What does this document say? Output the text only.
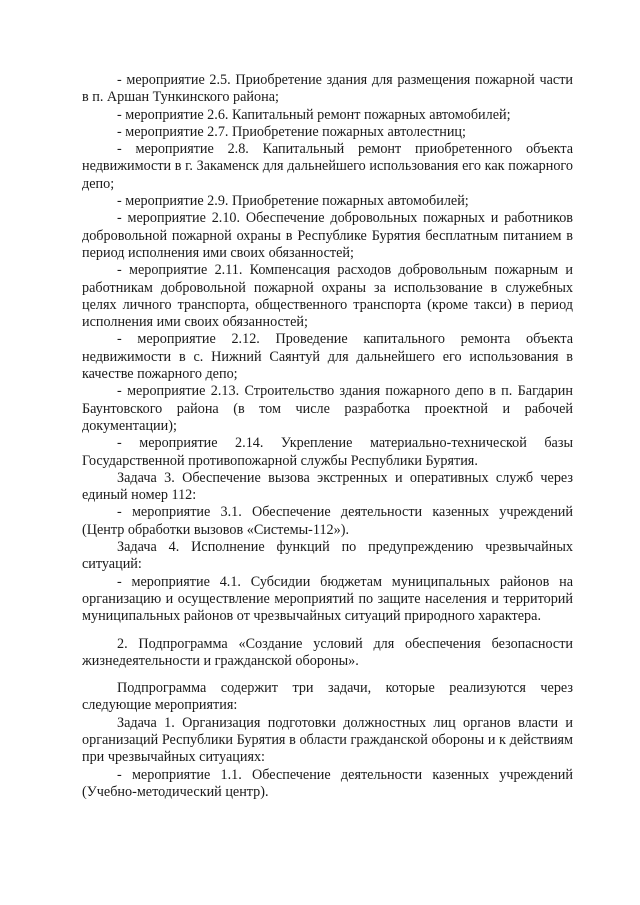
- мероприятие 2.5. Приобретение здания для размещения пожарной части в п. Аршан Тункинского района;

- мероприятие 2.6. Капитальный ремонт пожарных автомобилей;

- мероприятие 2.7. Приобретение пожарных автолестниц;

- мероприятие 2.8. Капитальный ремонт приобретенного объекта недвижимости в г. Закаменск для дальнейшего использования его как пожарного депо;

- мероприятие 2.9. Приобретение пожарных автомобилей;

- мероприятие 2.10. Обеспечение добровольных пожарных и работников добровольной пожарной охраны в Республике Бурятия бесплатным питанием в период исполнения ими своих обязанностей;

- мероприятие 2.11. Компенсация расходов добровольным пожарным и работникам добровольной пожарной охраны за использование в служебных целях личного транспорта, общественного транспорта (кроме такси) в период исполнения ими своих обязанностей;

- мероприятие 2.12. Проведение капитального ремонта объекта недвижимости в с. Нижний Саянтуй для дальнейшего его использования в качестве пожарного депо;

- мероприятие 2.13. Строительство здания пожарного депо в п. Багдарин Баунтовского района (в том числе разработка проектной и рабочей документации);

- мероприятие 2.14. Укрепление материально-технической базы Государственной противопожарной службы Республики Бурятия.

Задача 3. Обеспечение вызова экстренных и оперативных служб через единый номер 112:

- мероприятие 3.1. Обеспечение деятельности казенных учреждений (Центр обработки вызовов «Системы-112»).

Задача 4. Исполнение функций по предупреждению чрезвычайных ситуаций:

- мероприятие 4.1. Субсидии бюджетам муниципальных районов на организацию и осуществление мероприятий по защите населения и территорий муниципальных районов от чрезвычайных ситуаций природного характера.

2. Подпрограмма «Создание условий для обеспечения безопасности жизнедеятельности и гражданской обороны».

Подпрограмма содержит три задачи, которые реализуются через следующие мероприятия:

Задача 1. Организация подготовки должностных лиц органов власти и организаций Республики Бурятия в области гражданской обороны и к действиям при чрезвычайных ситуациях:

- мероприятие 1.1. Обеспечение деятельности казенных учреждений (Учебно-методический центр).
